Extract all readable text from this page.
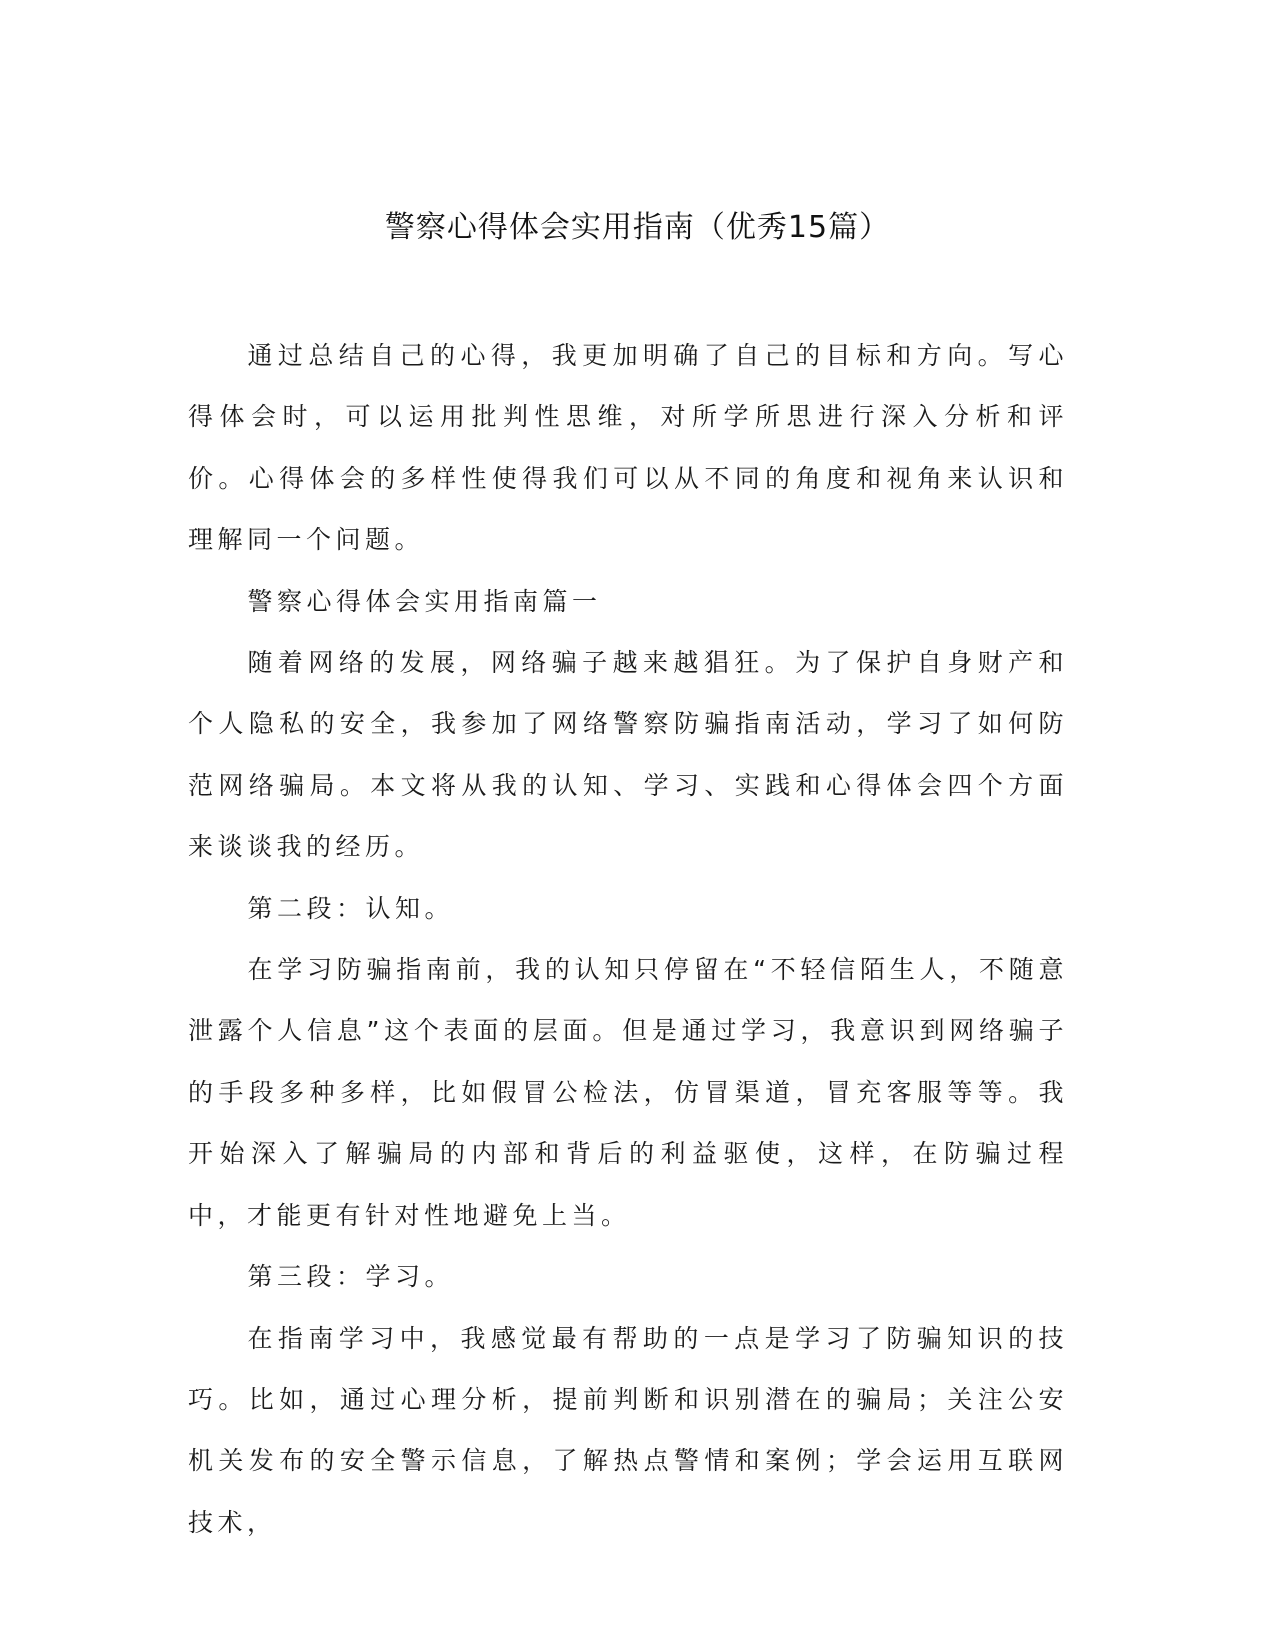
警察心得体会实用指南（优秀15篇）

通过总结自己的心得，我更加明确了自己的目标和方向。写心得体会时，可以运用批判性思维，对所学所思进行深入分析和评价。心得体会的多样性使得我们可以从不同的角度和视角来认识和理解同一个问题。

警察心得体会实用指南篇一

随着网络的发展，网络骗子越来越猖狂。为了保护自身财产和个人隐私的安全，我参加了网络警察防骗指南活动，学习了如何防范网络骗局。本文将从我的认知、学习、实践和心得体会四个方面来谈谈我的经历。

第二段：认知。

在学习防骗指南前，我的认知只停留在“不轻信陌生人，不随意泄露个人信息”这个表面的层面。但是通过学习，我意识到网络骗子的手段多种多样，比如假冒公检法，仿冒渠道，冒充客服等等。我开始深入了解骗局的内部和背后的利益驱使，这样，在防骗过程中，才能更有针对性地避免上当。

第三段：学习。

在指南学习中，我感觉最有帮助的一点是学习了防骗知识的技巧。比如，通过心理分析，提前判断和识别潜在的骗局；关注公安机关发布的安全警示信息，了解热点警情和案例；学会运用互联网技术，
